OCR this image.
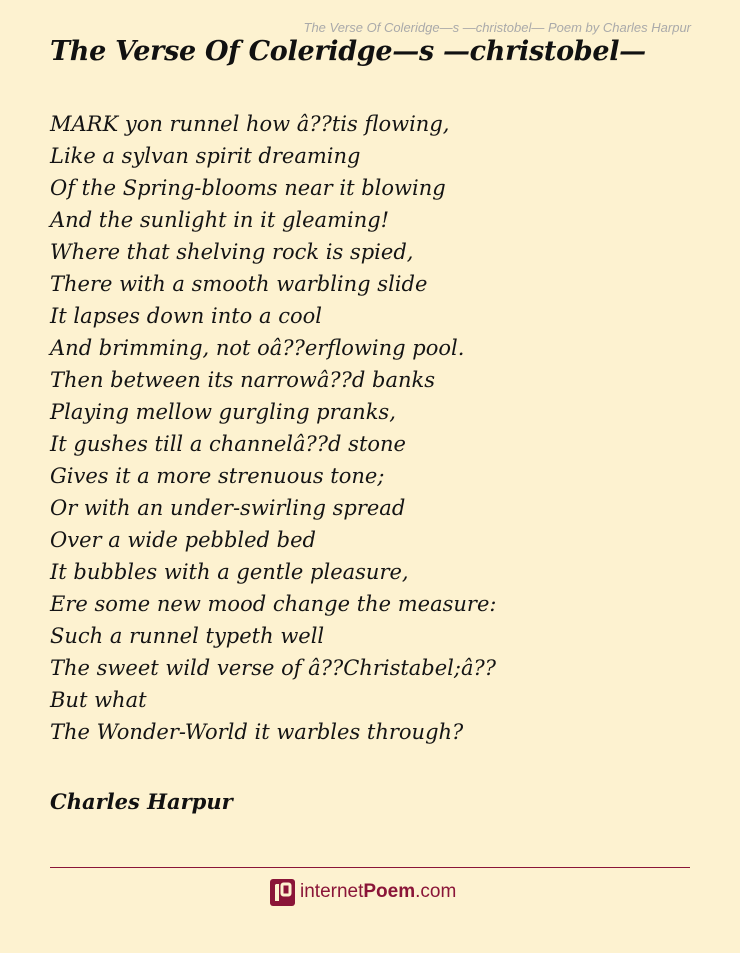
The Verse Of Coleridge—s —christobel— Poem by Charles Harpur
The Verse Of Coleridge—s —christobel—
MARK yon runnel how â??tis flowing,
Like a sylvan spirit dreaming
Of the Spring-blooms near it blowing
And the sunlight in it gleaming!
Where that shelving rock is spied,
There with a smooth warbling slide
It lapses down into a cool
And brimming, not oâ??erflowing pool.
Then between its narrowâ??d banks
Playing mellow gurgling pranks,
It gushes till a channelâ??d stone
Gives it a more strenuous tone;
Or with an under-swirling spread
Over a wide pebbled bed
It bubbles with a gentle pleasure,
Ere some new mood change the measure:
Such a runnel typeth well
The sweet wild verse of â??Christabel;â??
But what
The Wonder-World it warbles through?
Charles Harpur
internetPoem.com
